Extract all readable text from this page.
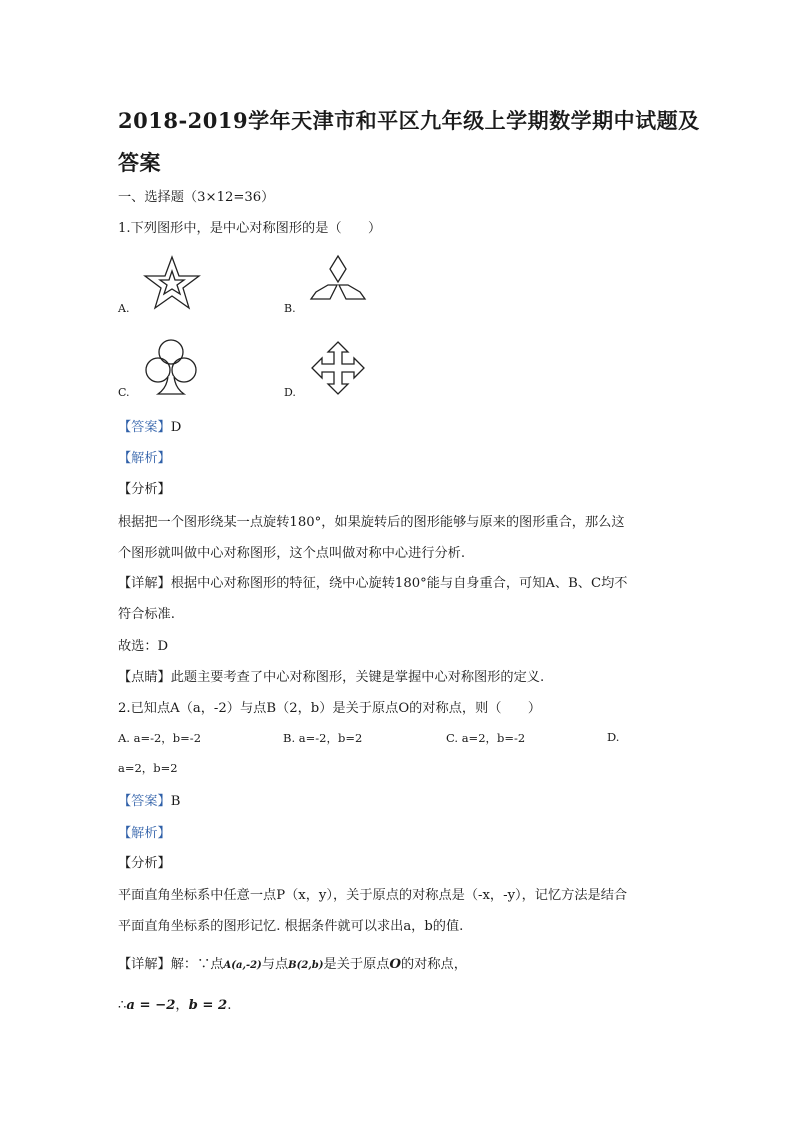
2018-2019学年天津市和平区九年级上学期数学期中试题及
答案
一、选择题（3×12=36）
1.下列图形中，是中心对称图形的是（　　）
A.	B.
C.	D.
【答案】D
【解析】
【分析】
根据把一个图形绕某一点旋转180°，如果旋转后的图形能够与原来的图形重合，那么这
个图形就叫做中心对称图形，这个点叫做对称中心进行分析.
【详解】根据中心对称图形的特征，绕中心旋转180°能与自身重合，可知A、B、C均不
符合标准.
故选：D
【点睛】此题主要考查了中心对称图形，关键是掌握中心对称图形的定义.
2.已知点A（a，-2）与点B（2，b）是关于原点O的对称点，则（　　）
A. a=-2，b=-2	B. a=-2，b=2	C. a=2，b=-2	D.
a=2，b=2
【答案】B
【解析】
【分析】
平面直角坐标系中任意一点P（x，y），关于原点的对称点是（-x，-y），记忆方法是结合
平面直角坐标系的图形记忆. 根据条件就可以求出a，b的值.
【详解】解：∵点A(a,-2)与点B(2,b)是关于原点O的对称点，
∴a = −2，b = 2.
